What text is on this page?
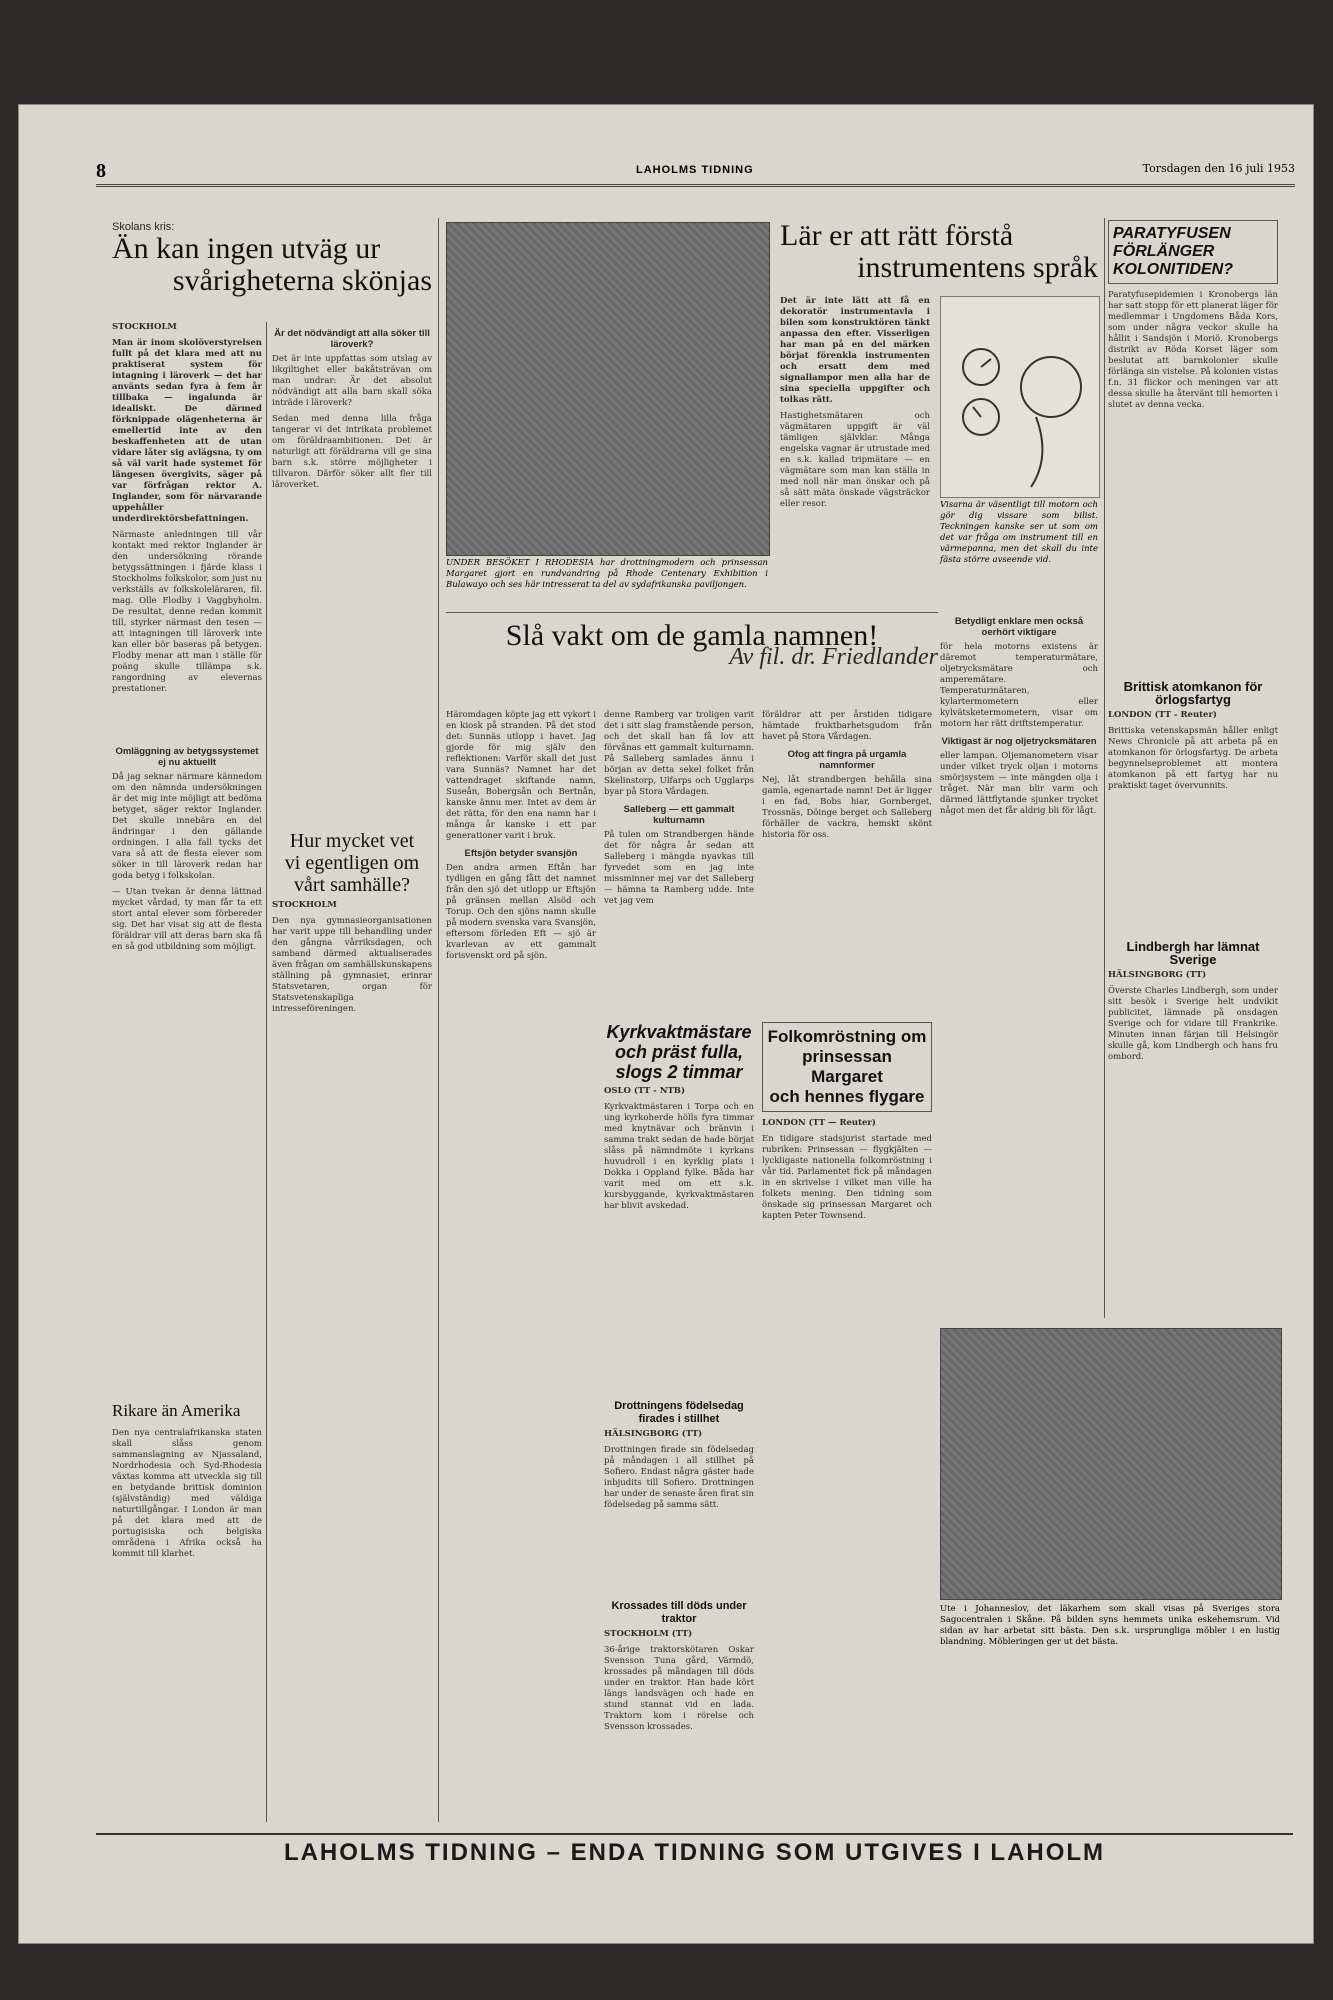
8	LAHOLMS TIDNING	Torsdagen den 16 juli 1953
Skolans kris:
Än kan ingen utväg ur
svårigheterna skönjas

STOCKHOLM

Man är inom skolöverstyrelsen fullt på det klara med att nu praktiserat system för intagning i läroverk — det har använts sedan fyra à fem år tillbaka — ingalunda är idealiskt. De därmed förknippade olägenheterna är emellertid inte av den beskaffenheten att de utan vidare låter sig avlägsna, ty om så väl varit hade systemet för längesen övergivits, säger på var förfrågan rektor A. Inglander, som för närvarande uppehåller underdirektörsbefattningen.

Närmaste anledningen till vår kontakt med rektor Inglander är den undersökning rörande betygssättningen i fjärde klass i Stockholms folkskolor, som just nu verkställs av folkskoleläraren, fil. mag. Olle Flodby i Vaggbyholm. De resultat, denne redan kommit till, styrker närmast den tesen — att intagningen till läroverk inte kan eller bör baseras på betygen. Flodby menar att man i ställe för poäng skulle tillämpa s.k. rangordning av elevernas prestationer.

Omläggning av betygssystemet ej nu aktuellt

Då jag seknar närmare kännedom om den nämnda undersökningen är det mig inte möjligt att bedöma betyget, säger rektor Inglander. Det skulle innebära en del ändringar i den gällande ordningen. I alla fall tycks det vara så att de flesta elever som söker in till läroverk redan har goda betyg i folkskolan.

— Utan tvekan är denna lättnad mycket vårdad, ty man får ta ett stort antal elever som förbereder sig. Det har visat sig att de flesta föräldrar vill att deras barn ska få en så god utbildning som möjligt.

Är det nödvändigt att alla söker till läroverk?

Det är inte uppfattas som utslag av likgiltighet eller bakåtsträvan om man undrar: Är det absolut nödvändigt att alla barn skall söka inträde i läroverk?

Sedan med denna lilla fråga tangerar vi det intrikata problemet om föräldraambitionen. Det är naturligt att föräldrarna vill ge sina barn s.k. större möjligheter i tillvaron. Därför söker allt fler till läroverket.

Hur mycket vet
vi egentligen om
vårt samhälle?

STOCKHOLM

Den nya gymnasieorganisationen har varit uppe till behandling under den gångna vårriksdagen, och samband därmed aktualiserades även frågan om samhällskunskapens ställning på gymnasiet, erinrar Statsvetaren, organ för Statsvetenskapliga intresseföreningen.

Rikare än Amerika

Den nya centralafrikanska staten skall slåss genom sammanslagning av Njassaland, Nordrhodesia och Syd-Rhodesia växtas komma att utveckla sig till en betydande brittisk dominion (självständig) med väldiga naturtillgångar. I London är man på det klara med att de portugisiska och belgiska områdena i Afrika också ha kommit till klarhet.

UNDER BESÖKET I RHODESIA har drottningmodern och prinsessan Margaret gjort en rundvandring på Rhode Centenary Exhibition i Bulawayo och ses här intresserat ta del av sydafrikanska paviljongen.
Lär er att rätt förstå
instrumentens språk

Det är inte lätt att få en dekoratör instrumentavla i bilen som konstruktören tänkt anpassa den efter. Visserligen har man på en del märken börjat förenkla instrumenten och ersatt dem med signallampor men alla har de sina speciella uppgifter och tolkas rätt.

Hastighetsmätaren och vägmätaren uppgift är väl tämligen självklar. Många engelska vagnar är utrustade med en s.k. kallad tripmätare — en vägmätare som man kan ställa in med noll när man önskar och på så sätt mäta önskade vägsträckor eller resor.	Visarna är väsentligt till motorn och gör dig vissare som bilist. Teckningen kanske ser ut som om det var fråga om instrument till en värmepanna, men det skall du inte fästa större avseende vid.
Betydligt enklare men också oerhört viktigare

för hela motorns existens är däremot temperaturmätare, oljetrycksmätare och amperemätare. Temperaturmätaren, kylartermometern eller kylvätsketermometern, visar om motorn har rätt driftstemperatur.

Viktigast är nog oljetrycksmätaren

eller lampan. Oljemanometern visar under vilket tryck oljan i motorns smörjsystem — inte mängden olja i tråget. När man blir varm och därmed lättflytande sjunker trycket något men det får aldrig bli för lågt.

PARATYFUSEN
FÖRLÄNGER
KOLONITIDEN?

Paratyfusepidemien i Kronobergs län har satt stopp för ett planerat läger för medlemmar i Ungdomens Båda Kors, som under några veckor skulle ha hållit i Sandsjön i Moriö. Kronobergs distrikt av Röda Korset läger som beslutat att barnkolonier skulle förlänga sin vistelse. På kolonien vistas f.n. 31 flickor och meningen var att dessa skulle ha återvänt till hemorten i slutet av denna vecka.

Brittisk atomkanon för örlogsfartyg

LONDON (TT - Reuter)

Brittiska vetenskapsmän håller enligt News Chronicle på att arbeta på en atomkanon för örlogsfartyg. De arbeta begynnelseproblemet att montera atomkanon på ett fartyg har nu praktiskt taget övervunnits.

Lindbergh har lämnat Sverige

HÄLSINGBORG (TT)

Överste Charles Lindbergh, som under sitt besök i Sverige helt undvikit publicitet, lämnade på onsdagen Sverige och for vidare till Frankrike. Minuten innan färjan till Helsingör skulle gå, kom Lindbergh och hans fru ombord.

Slå vakt om de gamla namnen!
Av fil. dr. Friedlander

Häromdagen köpte jag ett vykort i en kiosk på stranden. På det stod det: Sunnäs utlopp i havet. Jag gjorde för mig själv den reflektionen: Varför skall det just vara Sunnäs? Namnet har det vattendraget skiftande namn, Suseån, Bobergsån och Bertnån, kanske ännu mer. Intet av dem är det rätta, för den ena namn har i många år kanske i ett par generationer varit i bruk.

Eftsjön betyder svansjön

Den andra armen Eftån har tydligen en gång fått det namnet från den sjö det utlopp ur Eftsjön på gränsen mellan Alsöd och Torup. Och den sjöns namn skulle på modern svenska vara Svansjön, eftersom förleden Eft — sjö är kvarlevan av ett gammalt forisvenskt ord på sjön.

denne Ramberg var troligen varit det i sitt slag framstående person, och det skall han få lov att förvånas ett gammalt kulturnamn. På Salleberg samlades ännu i början av detta sekel folket från Skelinstorp, Ulfarps och Ugglarps byar på Stora Vårdagen.

Salleberg — ett gammalt kulturnamn

På tulen om Strandbergen hände det för några år sedan att Salleberg i mängda nyavkas till fyrvedet som en jag inte missminner mej var det Salleberg — hämna ta Ramberg udde. Inte vet jag vem

föräldrar att per årstiden tidigare hämtade fruktbarhetsgudom från havet på Stora Vårdagen.

Ofog att fingra på urgamla namnformer

Nej, låt strandbergen behålla sina gamla, egenartade namn! Det är ligger i en fad, Bobs hiar, Gornberget, Trossnäs, Döinge berget och Salleberg förhäller de vackra, hemskt skönt historia för oss.

Kyrkvaktmästare
och präst fulla,
slogs 2 timmar

OSLO (TT - NTB)

Kyrkvaktmästaren i Torpa och en ung kyrkoherde hölls fyra timmar med knytnävar och bränvin i samma trakt sedan de hade börjat slåss på nämndmöte i kyrkans huvudroll i en kyrklig plats i Dokka i Oppland fylke. Båda har varit med om ett s.k. kursbyggande, kyrkvaktmästaren har blivit avskedad.

Drottningens födelsedag firades i stillhet

HÄLSINGBORG (TT)

Drottningen firade sin födelsedag på måndagen i all stillhet på Sofiero. Endast några gäster hade inbjudits till Sofiero. Drottningen har under de senaste åren firat sin födelsedag på samma sätt.

Krossades till döds under traktor

STOCKHOLM (TT)

36-årige traktorskötaren Oskar Svensson Tuna gård, Värmdö, krossades på måndagen till döds under en traktor. Han hade kört längs landsvägen och hade en stund stannat vid en lada. Traktorn kom i rörelse och Svensson krossades.

Folkomröstning om
prinsessan Margaret
och hennes flygare

LONDON (TT — Reuter)

En tidigare stadsjurist startade med rubriken: Prinsessan — flygkjälten — lyckligaste nationella folkomröstning i vår tid. Parlamentet fick på måndagen in en skrivelse i vilket man ville ha folkets mening. Den tidning som önskade sig prinsessan Margaret och kapten Peter Townsend.

Ute i Johanneslov, det läkarhem som skall visas på Sveriges stora Sagocentralen i Skåne. På bilden syns hemmets unika eskehemsrum. Vid sidan av har arbetat sitt bästa. Den s.k. ursprungliga möbler i en lustig blandning. Möbleringen ger ut det bästa.
LAHOLMS TIDNING – ENDA TIDNING SOM UTGIVES I LAHOLM
